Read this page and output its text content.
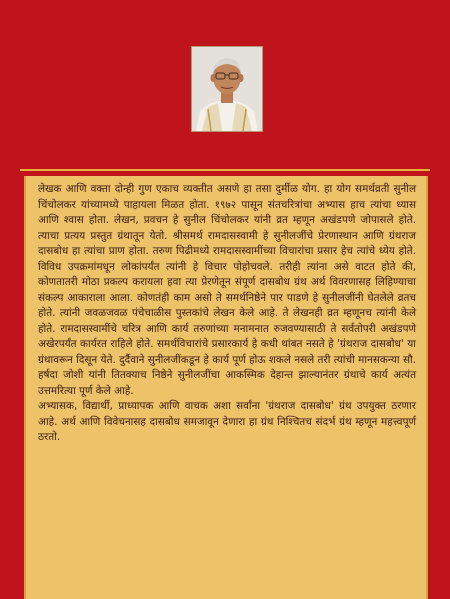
लेखक आणि वक्ता दोन्ही गुण एकाच व्यक्तीत असणे हा तसा दुर्मीळ योग. हा योग समर्थव्रती सुनील चिंचोलकर यांच्यामध्ये पाहायला मिळत होता. १९७२ पासून संतचरित्रांचा अभ्यास हाच त्यांचा ध्यास आणि श्वास होता. लेखन, प्रवचन हे सुनील चिंचोलकर यांनी व्रत म्हणून अखंडपणे जोपासले होते. त्याचा प्रत्यय प्रस्तुत ग्रंथातून येतो. श्रीसमर्थ रामदासस्वामी हे सुनीलजींचे प्रेरणास्थान आणि ग्रंथराज दासबोध हा त्यांचा प्राण होता. तरुण पिढीमध्ये रामदासस्वामींच्या विचारांचा प्रसार हेच त्यांचे ध्येय होते. विविध उपक्रमांमधून लोकांपर्यंत त्यांनी हे विचार पोहोचवले. तरीही त्यांना असे वाटत होते की, कोणतातरी मोठा प्रकल्प करायला हवा त्या प्रेरणेतून संपूर्ण दासबोध ग्रंथ अर्थ विवरणासह लिहिण्याचा संकल्प आकाराला आला. कोणतंही काम असो ते समर्थनिष्ठेने पार पाडणे हे सुनीलजींनी घेतलेले व्रतच होते. त्यांनी जवळजवळ पंचेचाळीस पुस्तकांचे लेखन केले आहे. ते लेखनही व्रत म्हणूनच त्यांनी केले होते. रामदासस्वामींचे चरित्र आणि कार्य तरुणांच्या मनामनात रुजवण्यासाठी ते सर्वतोपरी अखंडपणे अखेरपर्यंत कार्यरत राहिले होते. समर्थविचारांचे प्रसारकार्य हे कधी थांबत नसते हे 'ग्रंथराज दासबोध' या ग्रंथावरून दिसून येते. दुर्दैवाने सुनीलजींकडून हे कार्य पूर्ण होऊ शकले नसले तरी त्यांची मानसकन्या सौ. हर्षदा जोशी यांनी तितक्याच निष्ठेने सुनीलजींचा आकस्मिक देहान्त झाल्यानंतर ग्रंथाचे कार्य अत्यंत उत्तमरित्या पूर्ण केले आहे.

अभ्यासक, विद्यार्थी, प्राध्यापक आणि वाचक अशा सर्वांना 'ग्रंथराज दासबोध' ग्रंथ उपयुक्त ठरणार आहे. अर्थ आणि विवेचनासह दासबोध समजावून देणारा हा ग्रंथ निश्चितच संदर्भ ग्रंथ म्हणून महत्त्वपूर्ण ठरतो.
